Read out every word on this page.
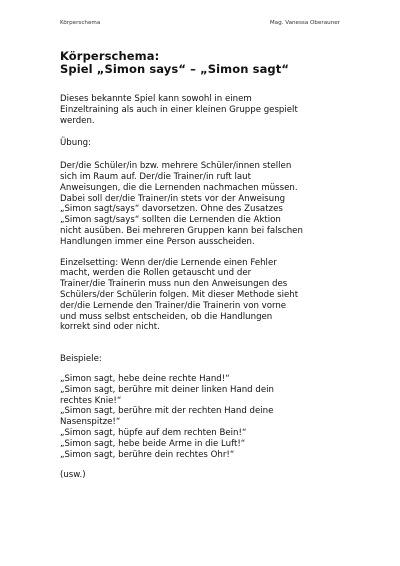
Körperschema	Mag. Vanessa Oberauner
Körperschema:
Spiel „Simon says“ – „Simon sagt“

Dieses bekannte Spiel kann sowohl in einem
Einzeltraining als auch in einer kleinen Gruppe gespielt
werden.

Übung:

Der/die Schüler/in bzw. mehrere Schüler/innen stellen
sich im Raum auf. Der/die Trainer/in ruft laut
Anweisungen, die die Lernenden nachmachen müssen.
Dabei soll der/die Trainer/in stets vor der Anweisung
„Simon sagt/says“ davorsetzen. Ohne des Zusatzes
„Simon sagt/says“ sollten die Lernenden die Aktion
nicht ausüben. Bei mehreren Gruppen kann bei falschen
Handlungen immer eine Person ausscheiden.

Einzelsetting: Wenn der/die Lernende einen Fehler
macht, werden die Rollen getauscht und der
Trainer/die Trainerin muss nun den Anweisungen des
Schülers/der Schülerin folgen. Mit dieser Methode sieht
der/die Lernende den Trainer/die Trainerin von vorne
und muss selbst entscheiden, ob die Handlungen
korrekt sind oder nicht.

Beispiele:

„Simon sagt, hebe deine rechte Hand!“
„Simon sagt, berühre mit deiner linken Hand dein
rechtes Knie!“
„Simon sagt, berühre mit der rechten Hand deine
Nasenspitze!“
„Simon sagt, hüpfe auf dem rechten Bein!“
„Simon sagt, hebe beide Arme in die Luft!“
„Simon sagt, berühre dein rechtes Ohr!“

(usw.)
